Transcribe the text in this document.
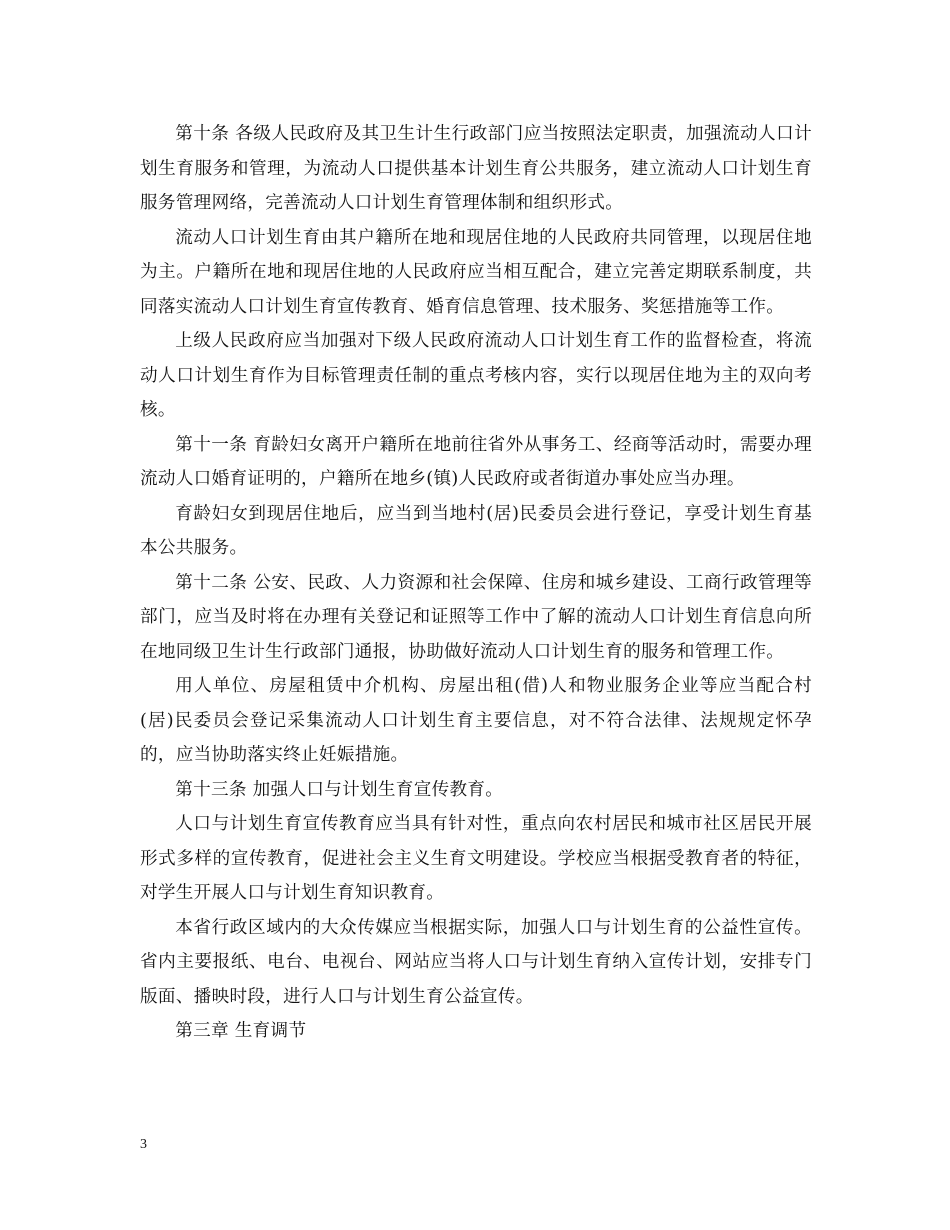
第十条 各级人民政府及其卫生计生行政部门应当按照法定职责，加强流动人口计划生育服务和管理，为流动人口提供基本计划生育公共服务，建立流动人口计划生育服务管理网络，完善流动人口计划生育管理体制和组织形式。

流动人口计划生育由其户籍所在地和现居住地的人民政府共同管理，以现居住地为主。户籍所在地和现居住地的人民政府应当相互配合，建立完善定期联系制度，共同落实流动人口计划生育宣传教育、婚育信息管理、技术服务、奖惩措施等工作。

上级人民政府应当加强对下级人民政府流动人口计划生育工作的监督检查，将流动人口计划生育作为目标管理责任制的重点考核内容，实行以现居住地为主的双向考核。

第十一条 育龄妇女离开户籍所在地前往省外从事务工、经商等活动时，需要办理流动人口婚育证明的，户籍所在地乡(镇)人民政府或者街道办事处应当办理。

育龄妇女到现居住地后，应当到当地村(居)民委员会进行登记，享受计划生育基本公共服务。

第十二条 公安、民政、人力资源和社会保障、住房和城乡建设、工商行政管理等部门，应当及时将在办理有关登记和证照等工作中了解的流动人口计划生育信息向所在地同级卫生计生行政部门通报，协助做好流动人口计划生育的服务和管理工作。

用人单位、房屋租赁中介机构、房屋出租(借)人和物业服务企业等应当配合村(居)民委员会登记采集流动人口计划生育主要信息，对不符合法律、法规规定怀孕的，应当协助落实终止妊娠措施。

第十三条 加强人口与计划生育宣传教育。

人口与计划生育宣传教育应当具有针对性，重点向农村居民和城市社区居民开展形式多样的宣传教育，促进社会主义生育文明建设。学校应当根据受教育者的特征，对学生开展人口与计划生育知识教育。

本省行政区域内的大众传媒应当根据实际，加强人口与计划生育的公益性宣传。省内主要报纸、电台、电视台、网站应当将人口与计划生育纳入宣传计划，安排专门版面、播映时段，进行人口与计划生育公益宣传。

第三章 生育调节

3
